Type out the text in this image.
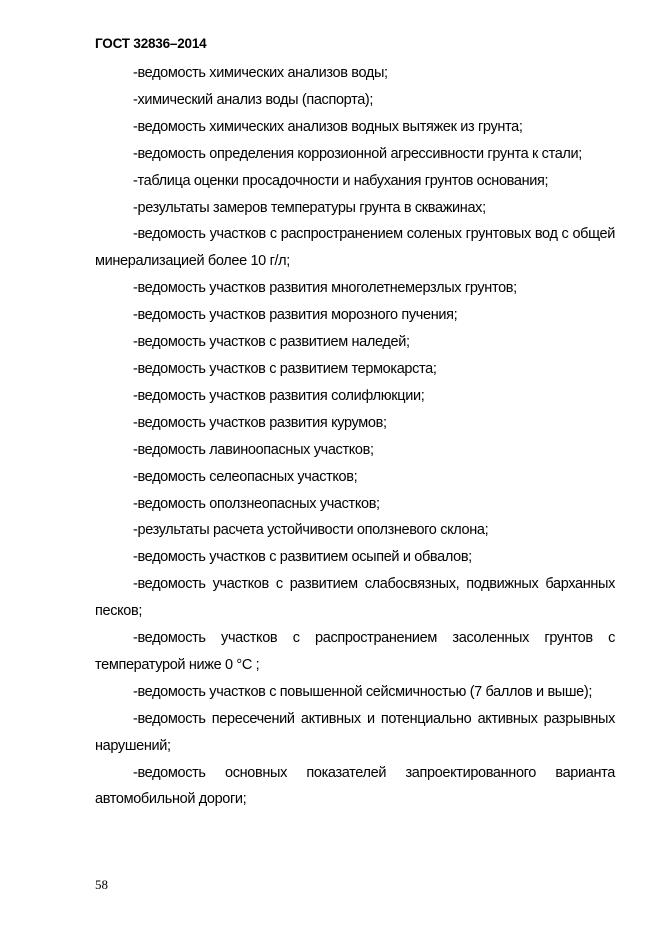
ГОСТ 32836–2014

-ведомость химических анализов воды;

-химический анализ воды (паспорта);

-ведомость химических анализов водных вытяжек из грунта;

-ведомость определения коррозионной агрессивности грунта к стали;

-таблица оценки просадочности и набухания грунтов основания;

-результаты замеров температуры грунта в скважинах;

-ведомость участков с распространением соленых грунтовых вод с общей минерализацией более 10 г/л;

-ведомость участков развития многолетнемерзлых грунтов;

-ведомость участков развития морозного пучения;

-ведомость участков с развитием наледей;

-ведомость участков с развитием термокарста;

-ведомость участков развития солифлюкции;

-ведомость участков развития курумов;

-ведомость лавиноопасных участков;

-ведомость селеопасных участков;

-ведомость оползнеопасных участков;

-результаты расчета устойчивости оползневого склона;

-ведомость участков с развитием осыпей и обвалов;

-ведомость участков с развитием слабосвязных, подвижных барханных песков;

-ведомость участков с распространением засоленных грунтов с температурой ниже 0 °С ;

-ведомость участков с повышенной сейсмичностью (7 баллов и выше);

-ведомость пересечений активных и потенциально активных разрывных нарушений;

-ведомость основных показателей запроектированного варианта автомобильной дороги;

58
